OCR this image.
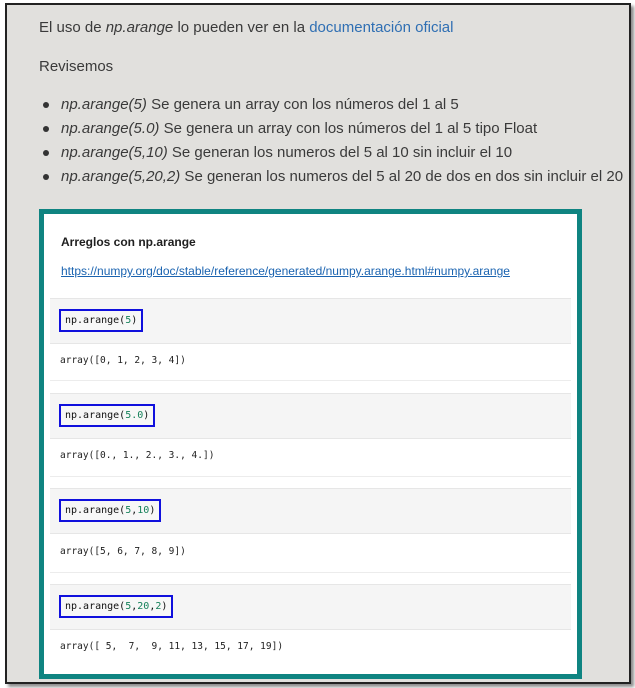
El uso de np.arange lo pueden ver en la documentación oficial
Revisemos
np.arange(5) Se genera un array con los números del 1 al 5
np.arange(5.0) Se genera un array con los números del 1 al 5 tipo Float
np.arange(5,10) Se generan los numeros del 5 al 10 sin incluir el 10
np.arange(5,20,2) Se generan los numeros del 5 al 20 de dos en dos sin incluir el 20
Arreglos con np.arange
https://numpy.org/doc/stable/reference/generated/numpy.arange.html#numpy.arange
np.arange(5)
array([0, 1, 2, 3, 4])
np.arange(5.0)
array([0., 1., 2., 3., 4.])
np.arange(5,10)
array([5, 6, 7, 8, 9])
np.arange(5,20,2)
array([ 5,  7,  9, 11, 13, 15, 17, 19])
